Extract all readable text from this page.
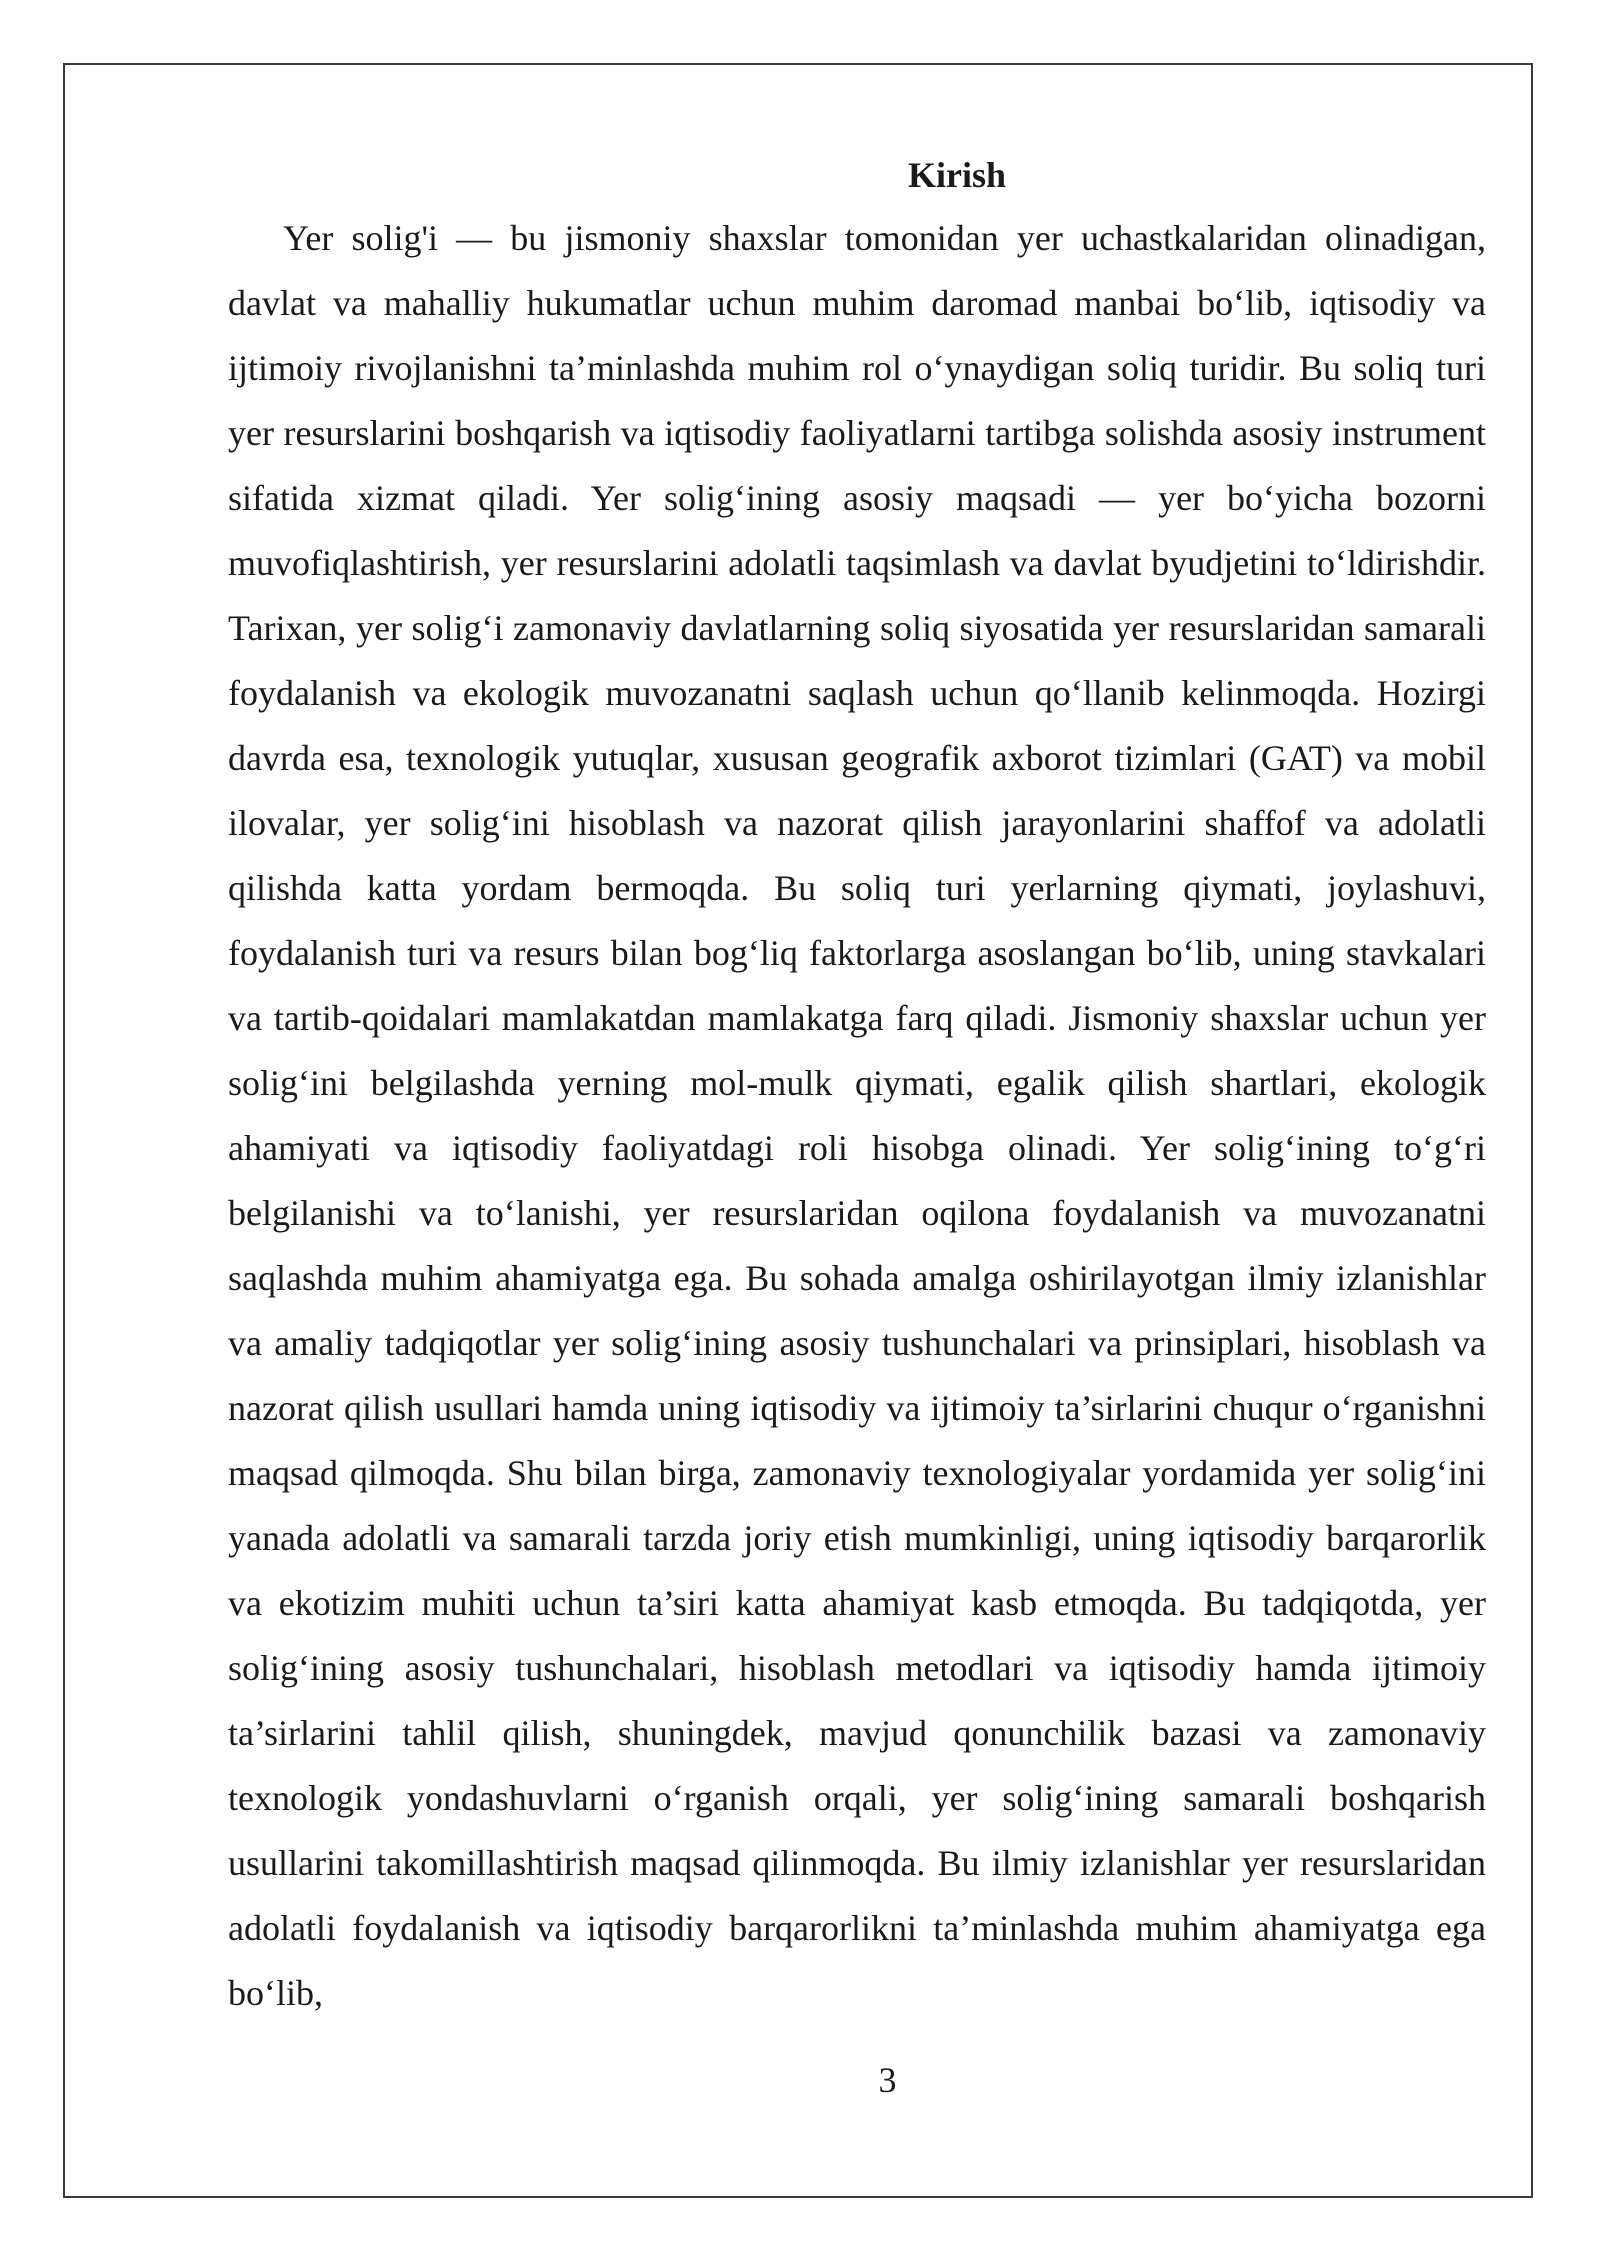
Kirish

Yer solig'i — bu jismoniy shaxslar tomonidan yer uchastkalaridan olinadigan, davlat va mahalliy hukumatlar uchun muhim daromad manbai bo‘lib, iqtisodiy va ijtimoiy rivojlanishni ta’minlashda muhim rol o‘ynaydigan soliq turidir. Bu soliq turi yer resurslarini boshqarish va iqtisodiy faoliyatlarni tartibga solishda asosiy instrument sifatida xizmat qiladi. Yer solig‘ining asosiy maqsadi — yer bo‘yicha bozorni muvofiqlashtirish, yer resurslarini adolatli taqsimlash va davlat byudjetini to‘ldirishdir. Tarixan, yer solig‘i zamonaviy davlatlarning soliq siyosatida yer resurslaridan samarali foydalanish va ekologik muvozanatni saqlash uchun qo‘llanib kelinmoqda. Hozirgi davrda esa, texnologik yutuqlar, xususan geografik axborot tizimlari (GAT) va mobil ilovalar, yer solig‘ini hisoblash va nazorat qilish jarayonlarini shaffof va adolatli qilishda katta yordam bermoqda. Bu soliq turi yerlarning qiymati, joylashuvi, foydalanish turi va resurs bilan bog‘liq faktorlarga asoslangan bo‘lib, uning stavkalari va tartib-qoidalari mamlakatdan mamlakatga farq qiladi. Jismoniy shaxslar uchun yer solig‘ini belgilashda yerning mol-mulk qiymati, egalik qilish shartlari, ekologik ahamiyati va iqtisodiy faoliyatdagi roli hisobga olinadi. Yer solig‘ining to‘g‘ri belgilanishi va to‘lanishi, yer resurslaridan oqilona foydalanish va muvozanatni saqlashda muhim ahamiyatga ega. Bu sohada amalga oshirilayotgan ilmiy izlanishlar va amaliy tadqiqotlar yer solig‘ining asosiy tushunchalari va prinsiplari, hisoblash va nazorat qilish usullari hamda uning iqtisodiy va ijtimoiy ta’sirlarini chuqur o‘rganishni maqsad qilmoqda. Shu bilan birga, zamonaviy texnologiyalar yordamida yer solig‘ini yanada adolatli va samarali tarzda joriy etish mumkinligi, uning iqtisodiy barqarorlik va ekotizim muhiti uchun ta’siri katta ahamiyat kasb etmoqda. Bu tadqiqotda, yer solig‘ining asosiy tushunchalari, hisoblash metodlari va iqtisodiy hamda ijtimoiy ta’sirlarini tahlil qilish, shuningdek, mavjud qonunchilik bazasi va zamonaviy texnologik yondashuvlarni o‘rganish orqali, yer solig‘ining samarali boshqarish usullarini takomillashtirish maqsad qilinmoqda. Bu ilmiy izlanishlar yer resurslaridan adolatli foydalanish va iqtisodiy barqarorlikni ta’minlashda muhim ahamiyatga ega bo‘lib,

3
